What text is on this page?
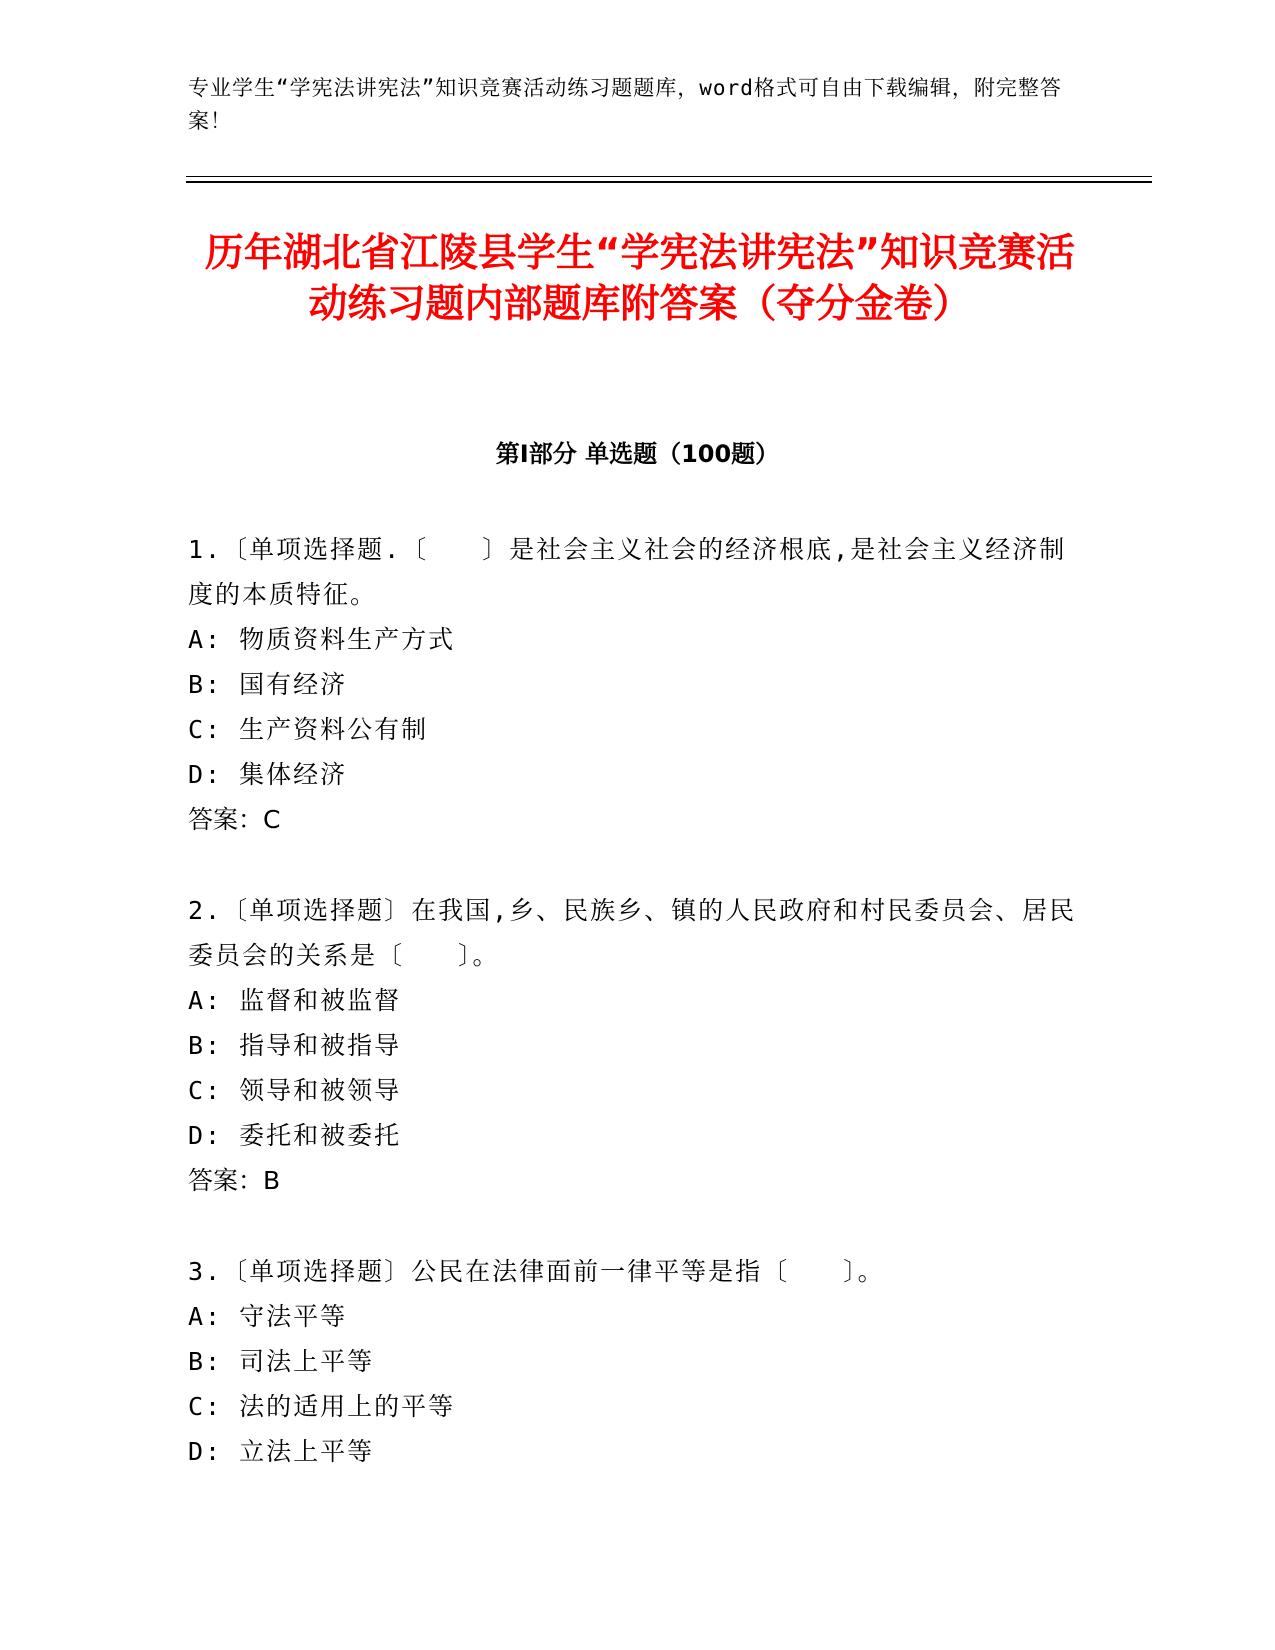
专业学生“学宪法讲宪法”知识竞赛活动练习题题库，word格式可自由下载编辑，附完整答案！
历年湖北省江陵县学生“学宪法讲宪法”知识竞赛活动练习题内部题库附答案（夺分金卷）
第Ⅰ部分 单选题（100题）

1.〔单项选择题.〔　　〕是社会主义社会的经济根底,是社会主义经济制度的本质特征。

A: 物质资料生产方式

B: 国有经济

C: 生产资料公有制

D: 集体经济

答案：C

2.〔单项选择题〕在我国,乡、民族乡、镇的人民政府和村民委员会、居民委员会的关系是〔　　〕。

A: 监督和被监督

B: 指导和被指导

C: 领导和被领导

D: 委托和被委托

答案：B

3.〔单项选择题〕公民在法律面前一律平等是指〔　　〕。

A: 守法平等

B: 司法上平等

C: 法的适用上的平等

D: 立法上平等
